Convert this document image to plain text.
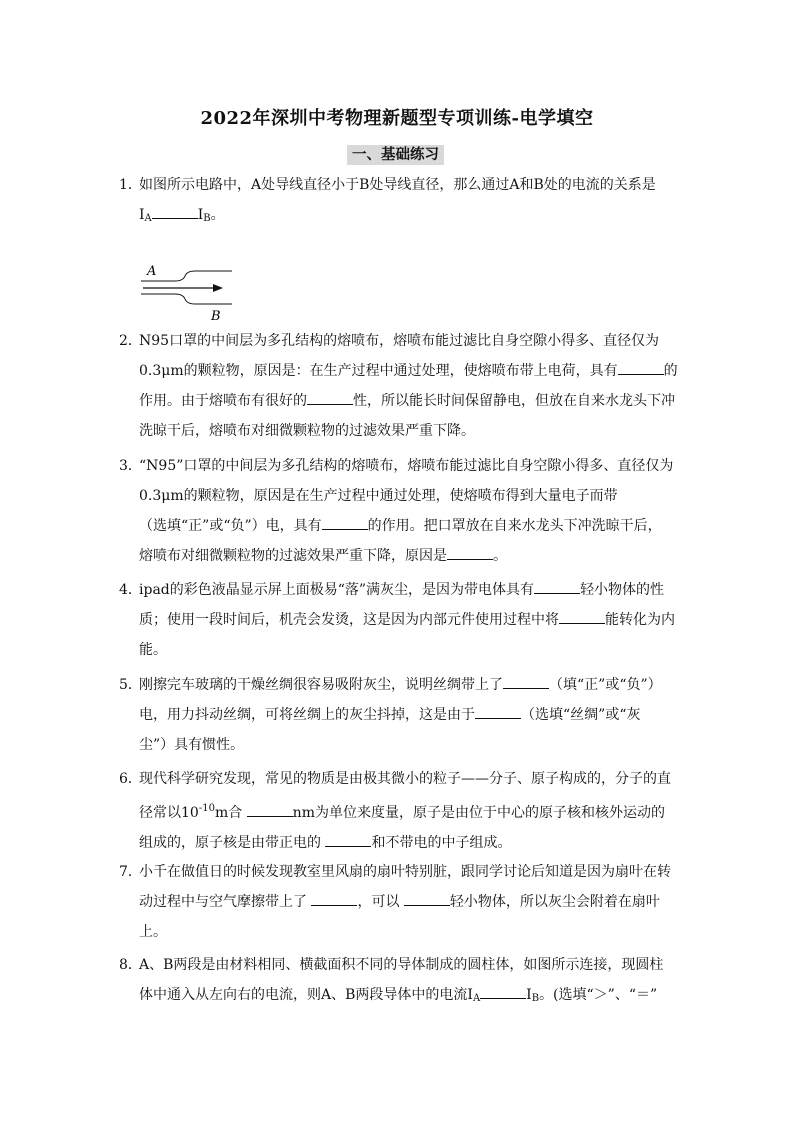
2022年深圳中考物理新题型专项训练-电学填空
一、基础练习
1．
如图所示电路中，A处导线直径小于B处导线直径，那么通过A和B处的电流的关系是
$I_A$	$I_B$。
A
B
2．
N95口罩的中间层为多孔结构的熔喷布，熔喷布能过滤比自身空隙小得多、直径仅为
0.3μm的颗粒物，原因是：在生产过程中通过处理，使熔喷布带上电荷，具有	的
作用。由于熔喷布有很好的	性，所以能长时间保留静电，但放在自来水龙头下冲
洗晾干后，熔喷布对细微颗粒物的过滤效果严重下降。
3．
“N95”口罩的中间层为多孔结构的熔喷布，熔喷布能过滤比自身空隙小得多、直径仅为
0.3μm的颗粒物，原因是在生产过程中通过处理，使熔喷布得到大量电子而带
（选填“正”或“负”）电，具有	的作用。把口罩放在自来水龙头下冲洗晾干后，
熔喷布对细微颗粒物的过滤效果严重下降，原因是	。
4．
ipad的彩色液晶显示屏上面极易“落”满灰尘，是因为带电体具有	轻小物体的性
质；使用一段时间后，机壳会发烫，这是因为内部元件使用过程中将	能转化为内
能。
5．
刚擦完车玻璃的干燥丝绸很容易吸附灰尘，说明丝绸带上了	（填“正”或“负”）
电，用力抖动丝绸，可将丝绸上的灰尘抖掉，这是由于	（选填“丝绸”或“灰
尘”）具有惯性。
6．
现代科学研究发现，常见的物质是由极其微小的粒子——分子、原子构成的，分子的直
径常以$10^{-10}m$合	nm为单位来度量，原子是由位于中心的原子核和核外运动的
组成的，原子核是由带正电的	和不带电的中子组成。
7．
小千在做值日的时候发现教室里风扇的扇叶特别脏，跟同学讨论后知道是因为扇叶在转
动过程中与空气摩擦带上了	，可以	轻小物体，所以灰尘会附着在扇叶
上。
8．
A、B两段是由材料相同、横截面积不同的导体制成的圆柱体，如图所示连接，现圆柱
体中通入从左向右的电流，则A、B两段导体中的电流$I_A$	$I_B$。(选填“＞”、“＝”
